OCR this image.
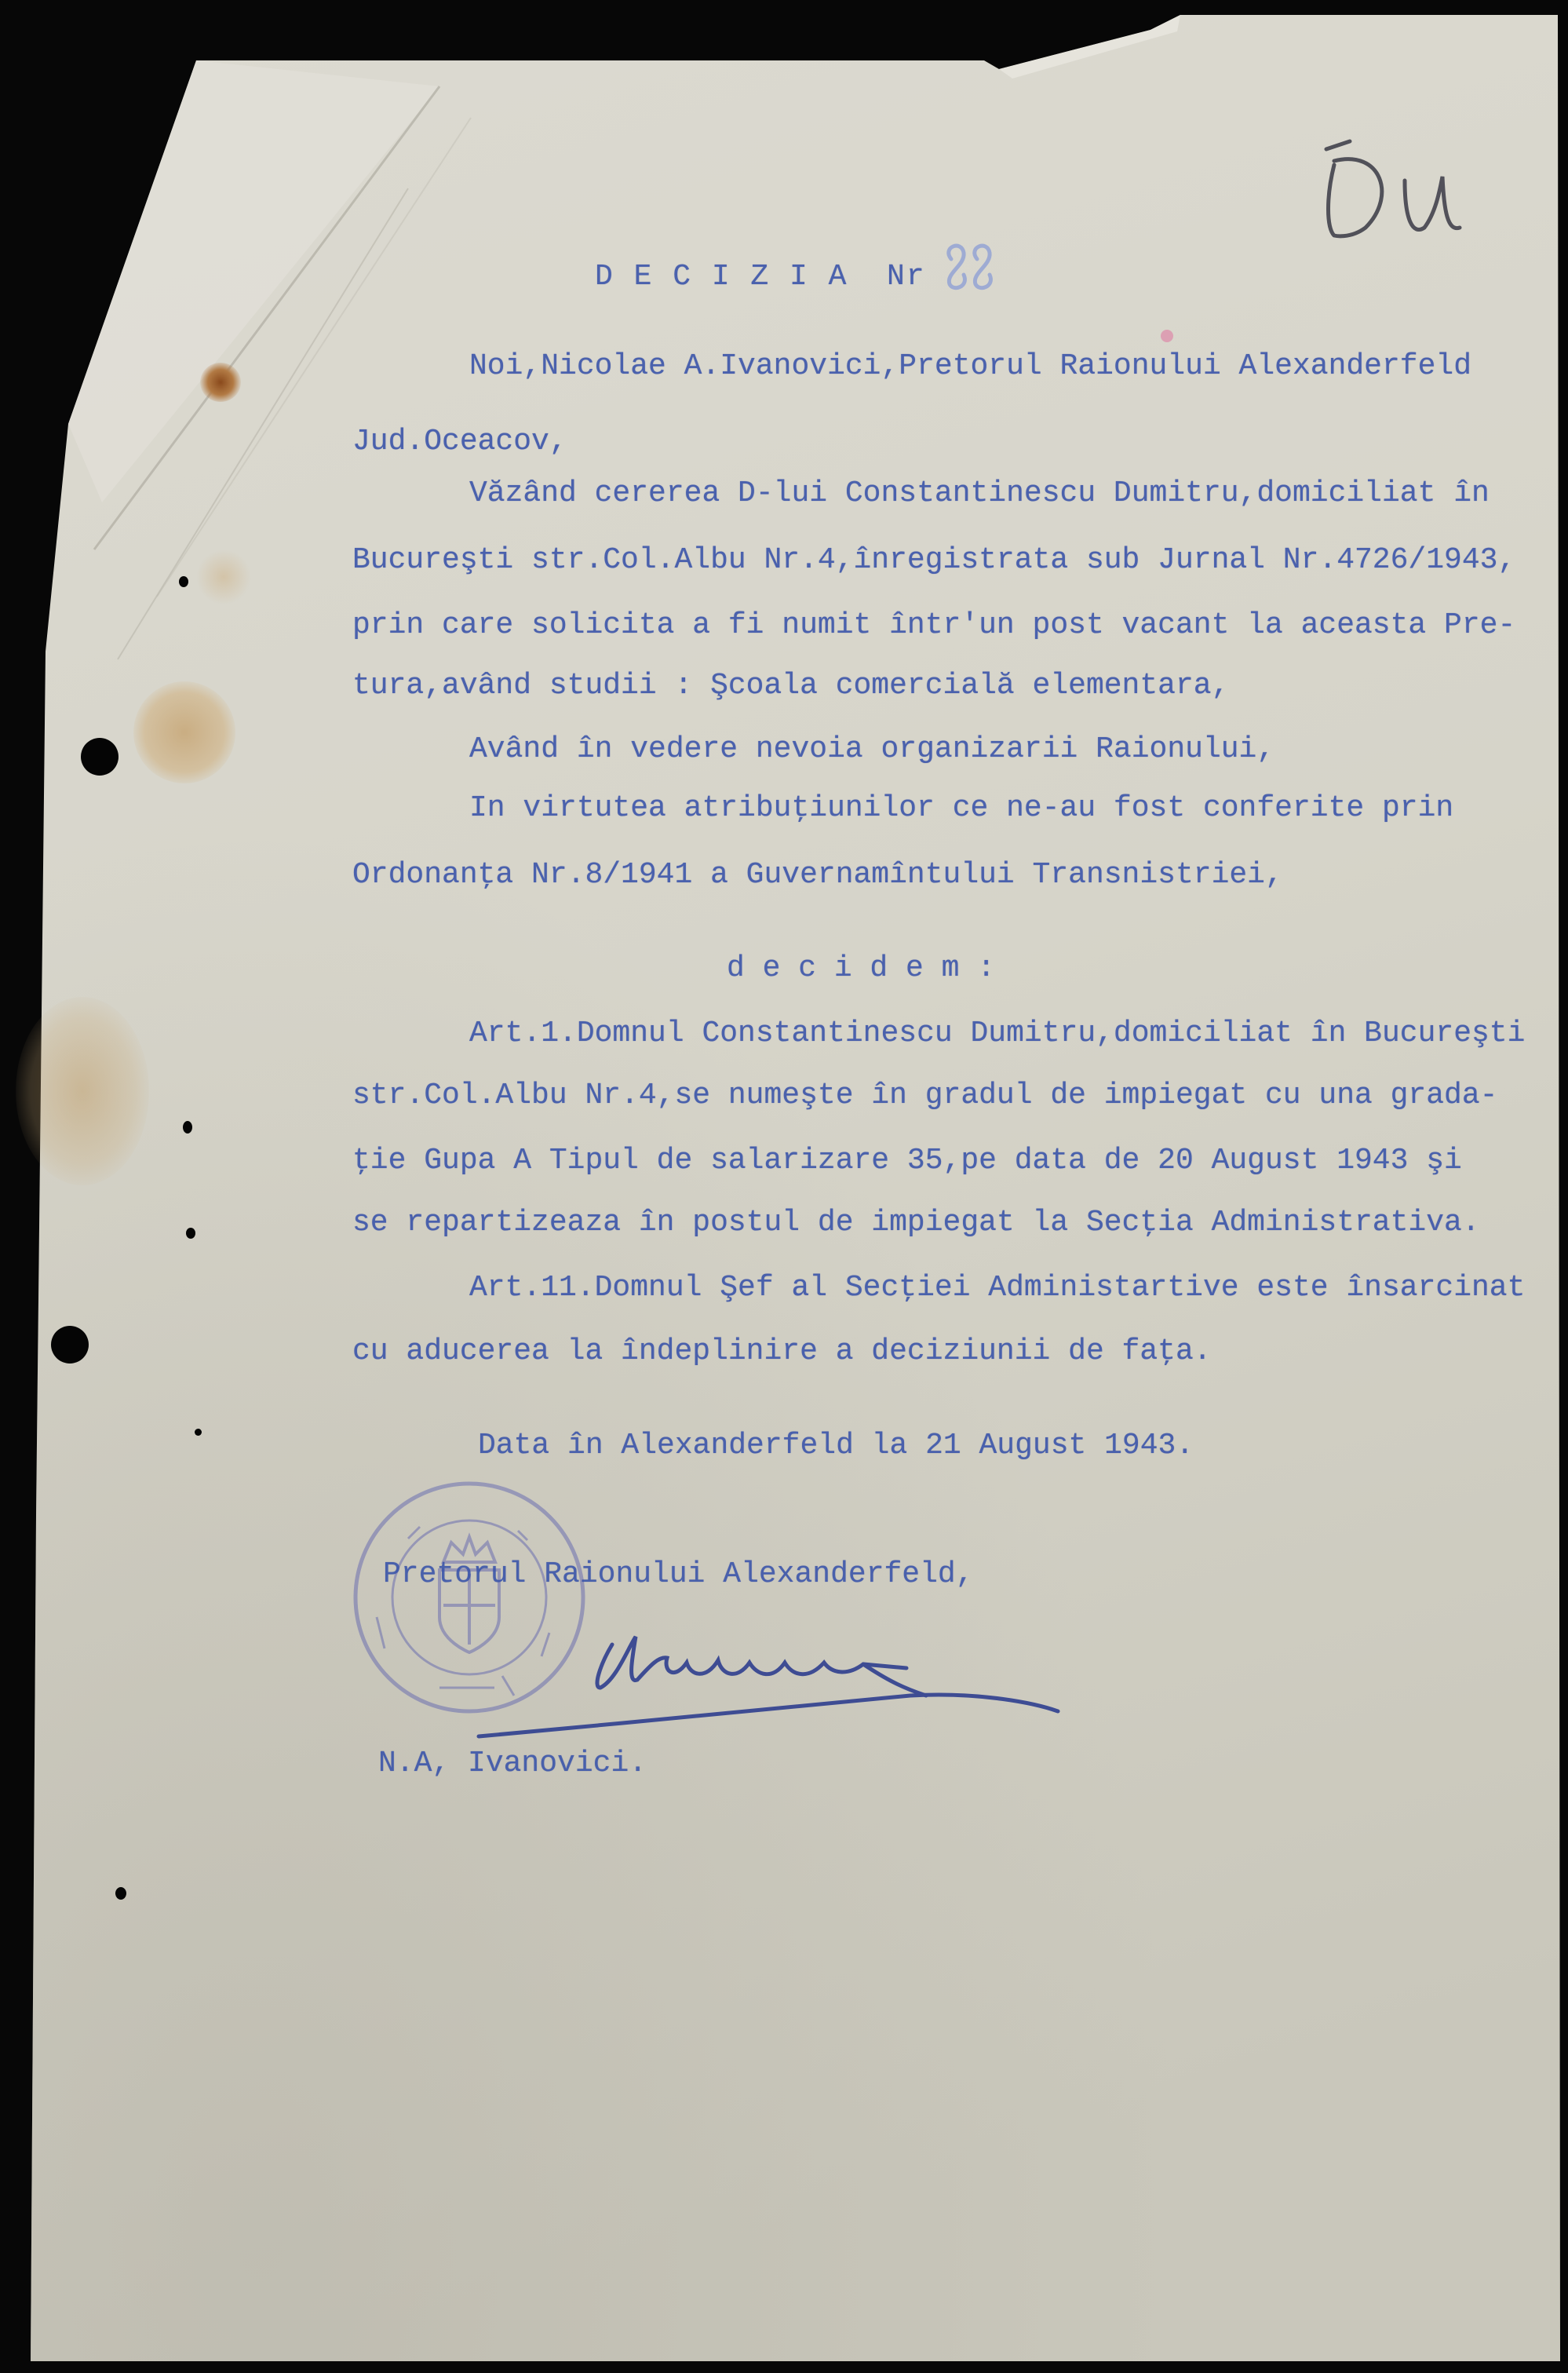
D E C I Z I A  Nr
Noi,Nicolae A.Ivanovici,Pretorul Raionului Alexanderfeld
Jud.Oceacov,
Văzând cererea D-lui Constantinescu Dumitru,domiciliat în
Bucureşti str.Col.Albu Nr.4,înregistrata sub Jurnal Nr.4726/1943,
prin care solicita a fi numit într'un post vacant la aceasta Pre-
tura,având studii : Şcoala comercială elementara,
Având în vedere nevoia organizarii Raionului,
In virtutea atribuţiunilor ce ne-au fost conferite prin
Ordonanţa Nr.8/1941 a Guvernamîntului Transnistriei,
d e c i d e m :
Art.1.Domnul Constantinescu Dumitru,domiciliat în Bucureşti
str.Col.Albu Nr.4,se numeşte în gradul de impiegat cu una grada-
ţie Gupa A Tipul de salarizare 35,pe data de 20 August 1943 şi
se repartizeaza în postul de impiegat la Secţia Administrativa.
Art.11.Domnul Şef al Secţiei Administartive este însarcinat
cu aducerea la îndeplinire a deciziunii de faţa.
Data în Alexanderfeld la 21 August 1943.
Pretorul Raionului Alexanderfeld,
N.A, Ivanovici.
